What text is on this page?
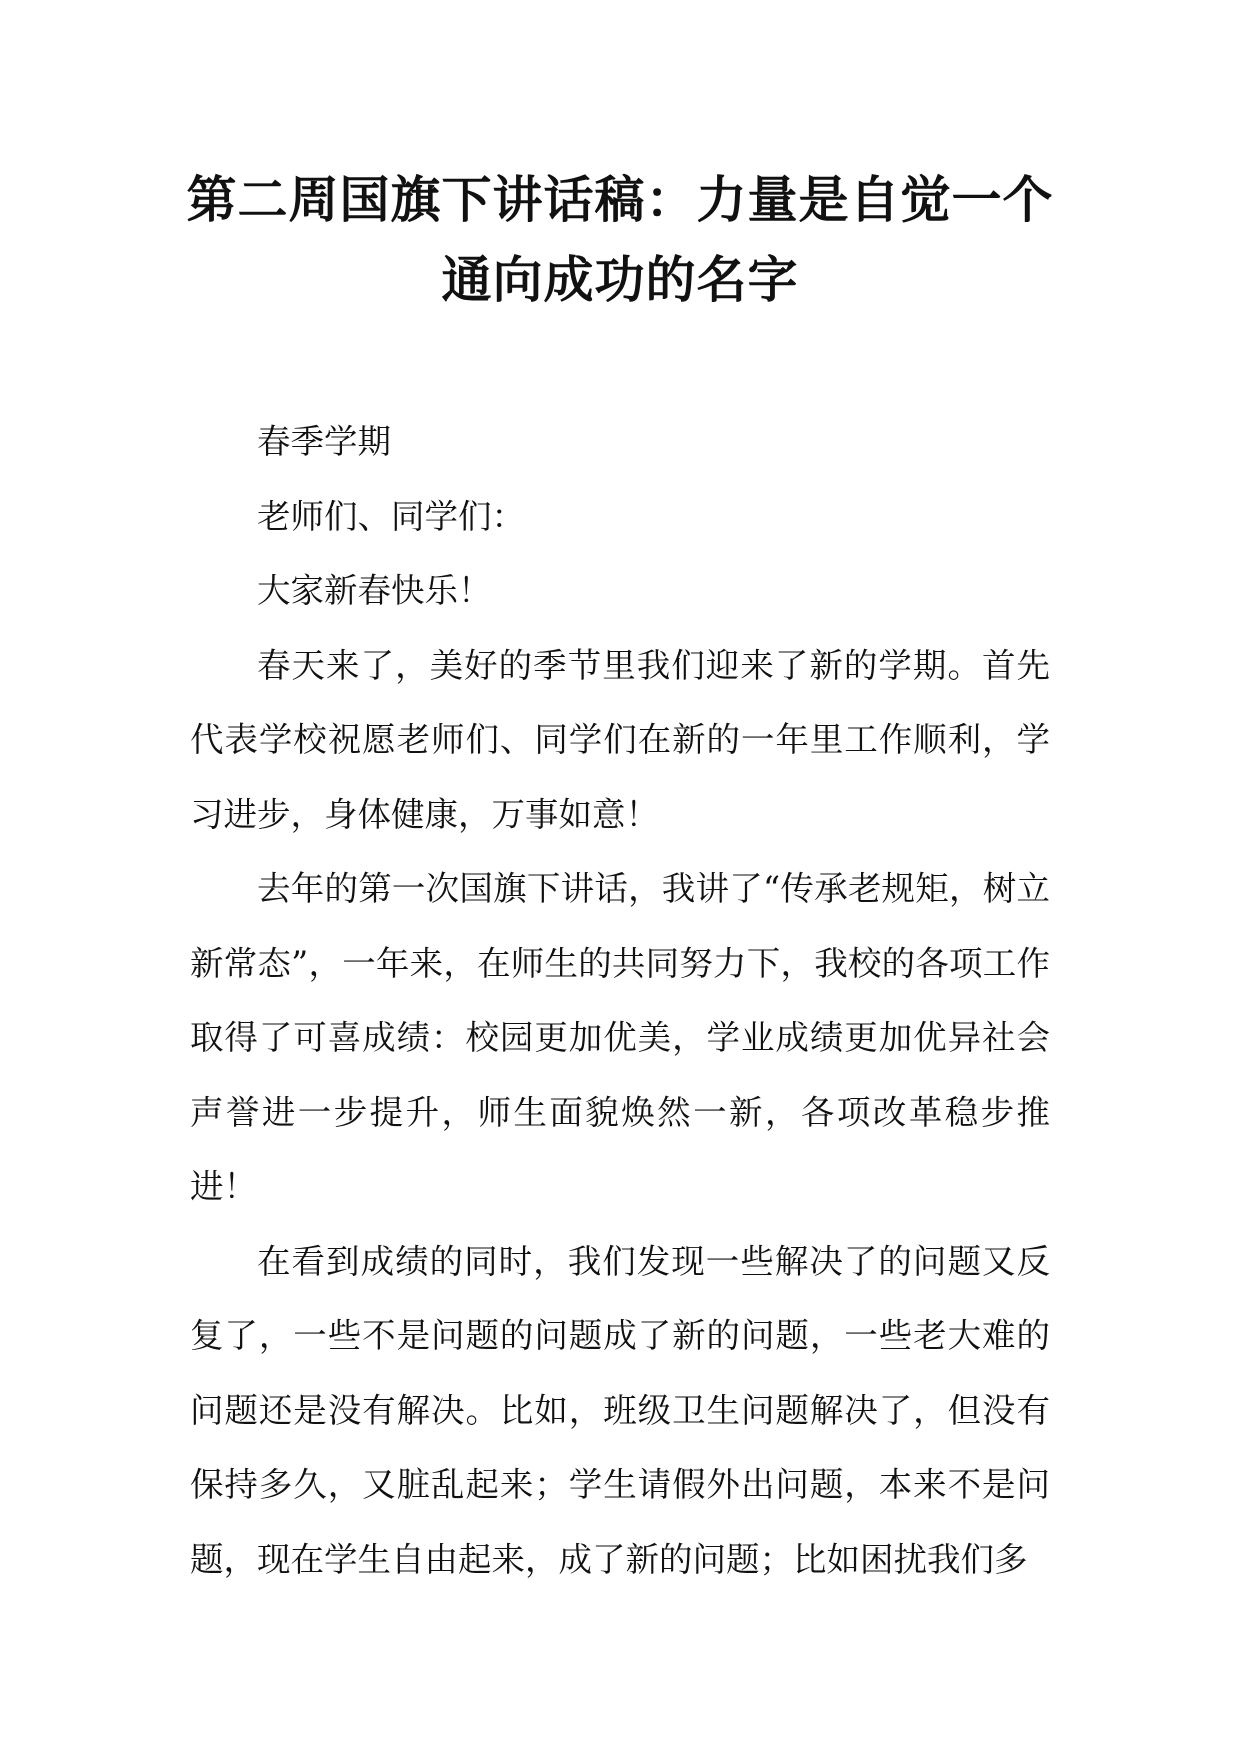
第二周国旗下讲话稿：力量是自觉一个
通向成功的名字

春季学期

老师们、同学们：

大家新春快乐！

春天来了，美好的季节里我们迎来了新的学期。首先代表学校祝愿老师们、同学们在新的一年里工作顺利，学习进步，身体健康，万事如意！

去年的第一次国旗下讲话，我讲了“传承老规矩，树立新常态”，一年来，在师生的共同努力下，我校的各项工作取得了可喜成绩：校园更加优美，学业成绩更加优异社会声誉进一步提升，师生面貌焕然一新，各项改革稳步推进！

在看到成绩的同时，我们发现一些解决了的问题又反复了，一些不是问题的问题成了新的问题，一些老大难的问题还是没有解决。比如，班级卫生问题解决了，但没有保持多久，又脏乱起来；学生请假外出问题，本来不是问题，现在学生自由起来，成了新的问题；比如困扰我们多
